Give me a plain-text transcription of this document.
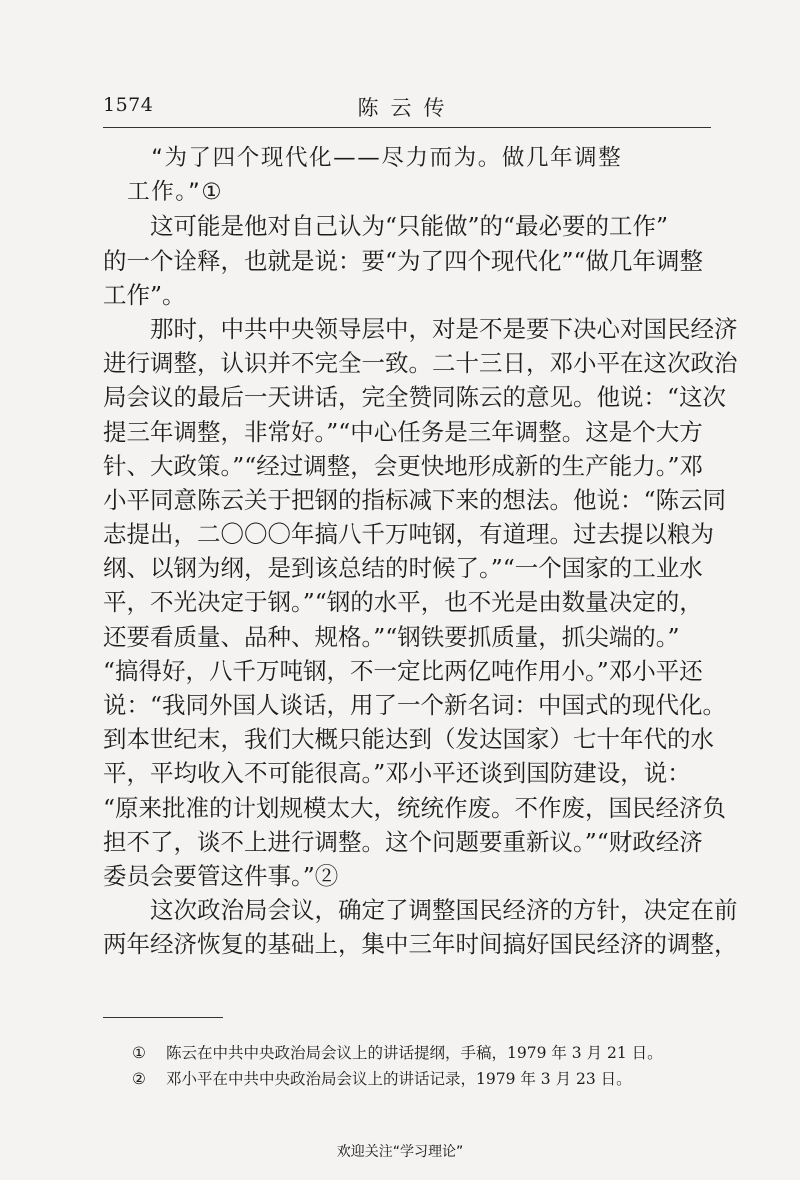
1574	陈云传
　　“为了四个现代化——尽力而为。做几年调整
　工作。”①
　　这可能是他对自己认为“只能做”的“最必要的工作”
的一个诠释，也就是说：要“为了四个现代化”“做几年调整
工作”。
　　那时，中共中央领导层中，对是不是要下决心对国民经济
进行调整，认识并不完全一致。二十三日，邓小平在这次政治
局会议的最后一天讲话，完全赞同陈云的意见。他说：“这次
提三年调整，非常好。”“中心任务是三年调整。这是个大方
针、大政策。”“经过调整，会更快地形成新的生产能力。”邓
小平同意陈云关于把钢的指标减下来的想法。他说：“陈云同
志提出，二〇〇〇年搞八千万吨钢，有道理。过去提以粮为
纲、以钢为纲，是到该总结的时候了。”“一个国家的工业水
平，不光决定于钢。”“钢的水平，也不光是由数量决定的，
还要看质量、品种、规格。”“钢铁要抓质量，抓尖端的。”
“搞得好，八千万吨钢，不一定比两亿吨作用小。”邓小平还
说：“我同外国人谈话，用了一个新名词：中国式的现代化。
到本世纪末，我们大概只能达到（发达国家）七十年代的水
平，平均收入不可能很高。”邓小平还谈到国防建设，说：
“原来批准的计划规模太大，统统作废。不作废，国民经济负
担不了，谈不上进行调整。这个问题要重新议。”“财政经济
委员会要管这件事。”②
　　这次政治局会议，确定了调整国民经济的方针，决定在前
两年经济恢复的基础上，集中三年时间搞好国民经济的调整，
① 陈云在中共中央政治局会议上的讲话提纲，手稿，1979 年 3 月 21 日。
② 邓小平在中共中央政治局会议上的讲话记录，1979 年 3 月 23 日。
欢迎关注“学习理论”
